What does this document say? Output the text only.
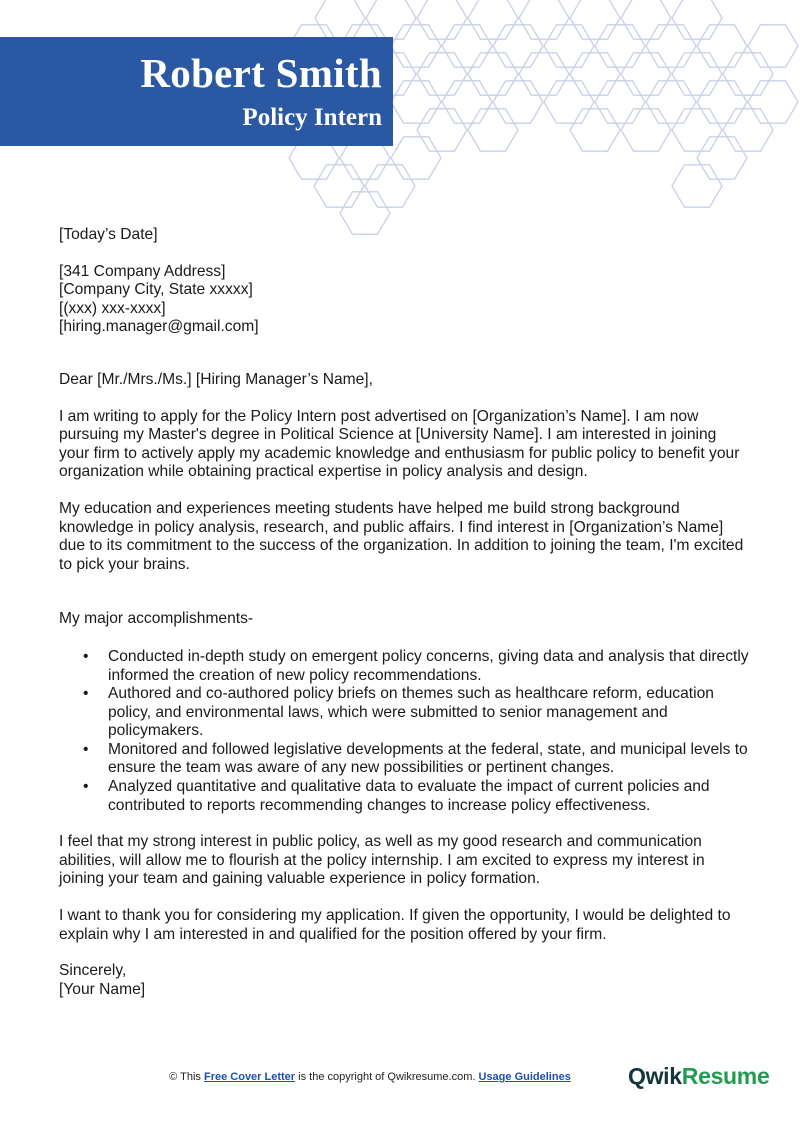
Robert Smith
Policy Intern

[Today’s Date]

[341 Company Address]

[Company City, State xxxxx]

[(xxx) xxx-xxxx]

[hiring.manager@gmail.com]

Dear [Mr./Mrs./Ms.] [Hiring Manager’s Name],

I am writing to apply for the Policy Intern post advertised on [Organization’s Name]. I am now pursuing my Master's degree in Political Science at [University Name]. I am interested in joining your firm to actively apply my academic knowledge and enthusiasm for public policy to benefit your organization while obtaining practical expertise in policy analysis and design.

My education and experiences meeting students have helped me build strong background knowledge in policy analysis, research, and public affairs. I find interest in [Organization’s Name] due to its commitment to the success of the organization. In addition to joining the team, I'm excited to pick your brains.

My major accomplishments-

• Conducted in-depth study on emergent policy concerns, giving data and analysis that directly informed the creation of new policy recommendations.
• Authored and co-authored policy briefs on themes such as healthcare reform, education policy, and environmental laws, which were submitted to senior management and policymakers.
• Monitored and followed legislative developments at the federal, state, and municipal levels to ensure the team was aware of any new possibilities or pertinent changes.
• Analyzed quantitative and qualitative data to evaluate the impact of current policies and contributed to reports recommending changes to increase policy effectiveness.

I feel that my strong interest in public policy, as well as my good research and communication abilities, will allow me to flourish at the policy internship. I am excited to express my interest in joining your team and gaining valuable experience in policy formation.

I want to thank you for considering my application. If given the opportunity, I would be delighted to explain why I am interested in and qualified for the position offered by your firm.

Sincerely,

[Your Name]

© This Free Cover Letter is the copyright of Qwikresume.com. Usage Guidelines	QwikResume
